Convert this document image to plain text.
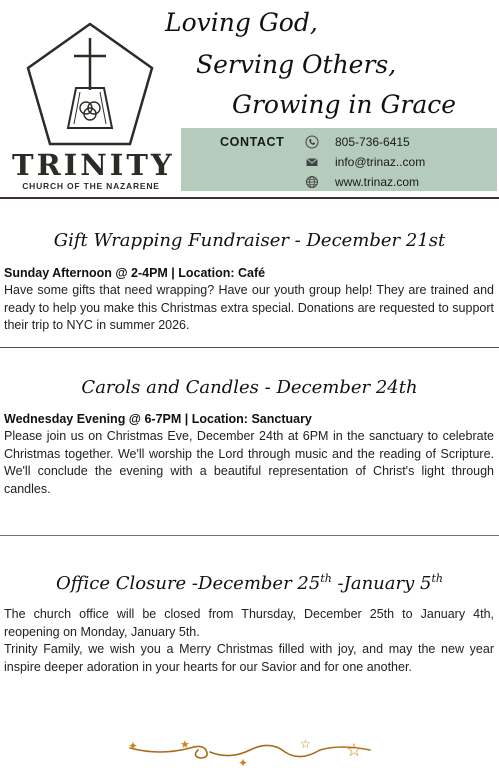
TRINITY
CHURCH OF THE NAZARENE
Loving God,
Serving Others,
Growing in Grace
CONTACT	805-736-6415
info@trinaz..com
www.trinaz.com
Gift Wrapping Fundraiser - December 21st
Sunday Afternoon @ 2-4PM | Location: Café
Have some gifts that need wrapping? Have our youth group help! They are trained and ready to help you make this Christmas extra special. Donations are requested to support their trip to NYC in summer 2026.
Carols and Candles - December 24th
Wednesday Evening @ 6-7PM | Location: Sanctuary
Please join us on Christmas Eve, December 24th at 6PM in the sanctuary to celebrate Christmas together. We'll worship the Lord through music and the reading of Scripture. We'll conclude the evening with a beautiful representation of Christ's light through candles.
Office Closure -December 25th -January 5th

The church office will be closed from Thursday, December 25th to January 4th, reopening on Monday, January 5th.

Trinity Family, we wish you a Merry Christmas filled with joy, and may the new year inspire deeper adoration in your hearts for our Savior and for one another.

✦	★
✦
☆ ☆
